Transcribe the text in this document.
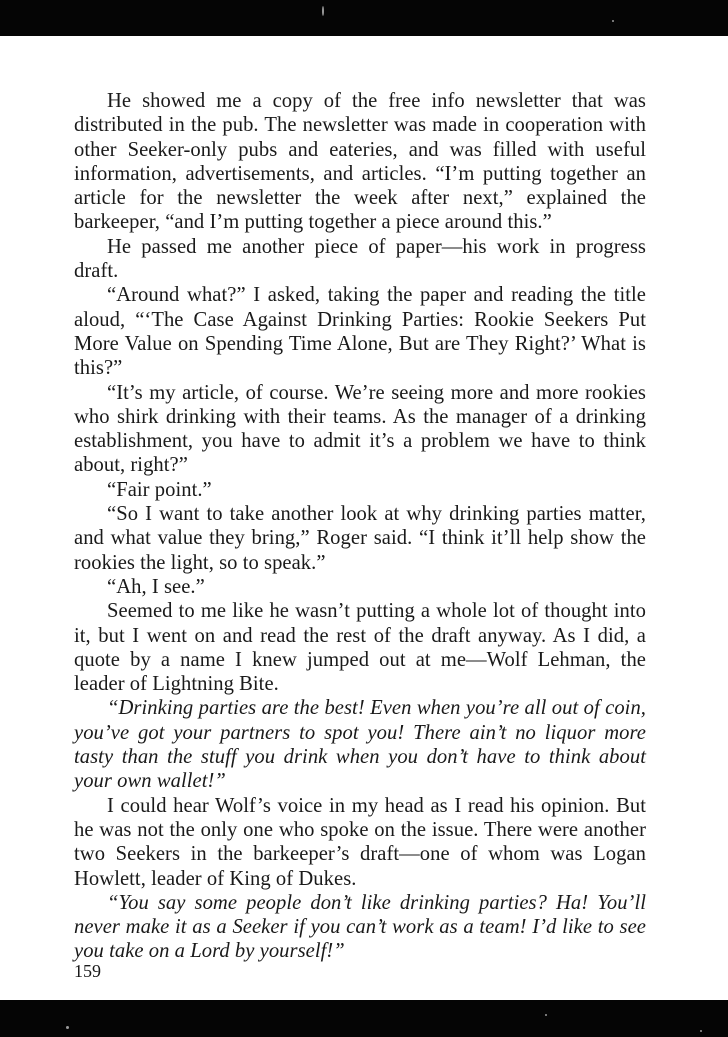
He showed me a copy of the free info newsletter that was distributed in the pub. The newsletter was made in cooperation with other Seeker-only pubs and eateries, and was filled with useful information, advertisements, and articles. “I’m putting together an article for the newsletter the week after next,” explained the barkeeper, “and I’m putting together a piece around this.”

He passed me another piece of paper—his work in progress draft.

“Around what?” I asked, taking the paper and reading the title aloud, “‘The Case Against Drinking Parties: Rookie Seekers Put More Value on Spending Time Alone, But are They Right?’ What is this?”

“It’s my article, of course. We’re seeing more and more rookies who shirk drinking with their teams. As the manager of a drinking establishment, you have to admit it’s a problem we have to think about, right?”

“Fair point.”

“So I want to take another look at why drinking parties matter, and what value they bring,” Roger said. “I think it’ll help show the rookies the light, so to speak.”

“Ah, I see.”

Seemed to me like he wasn’t putting a whole lot of thought into it, but I went on and read the rest of the draft anyway. As I did, a quote by a name I knew jumped out at me—Wolf Lehman, the leader of Lightning Bite.

“Drinking parties are the best! Even when you’re all out of coin, you’ve got your partners to spot you! There ain’t no liquor more tasty than the stuff you drink when you don’t have to think about your own wallet!”

I could hear Wolf’s voice in my head as I read his opinion. But he was not the only one who spoke on the issue. There were another two Seekers in the barkeeper’s draft—one of whom was Logan Howlett, leader of King of Dukes.

“You say some people don’t like drinking parties? Ha! You’ll never make it as a Seeker if you can’t work as a team! I’d like to see you take on a Lord by yourself!”

159
